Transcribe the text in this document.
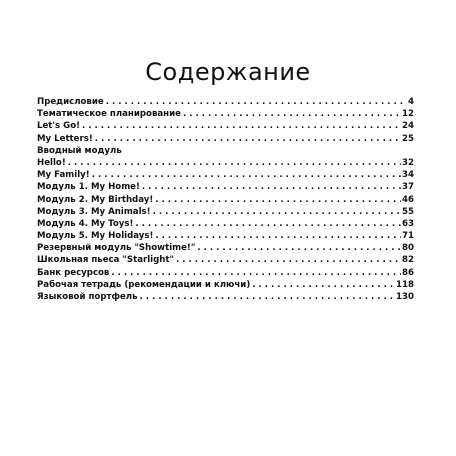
Содержание
Предисловие . . .	4
Тематическое планирование . . .	12
Let's Go! . . .	24
My Letters! . . .	25
Вводный модуль
Hello! . . .	32
My Family! . . .	34
Модуль 1. My Home! . . .	37
Модуль 2. My Birthday! . . .	46
Модуль 3. My Animals! . . .	55
Модуль 4. My Toys! . . .	63
Модуль 5. My Holidays! . . .	71
Резервный модуль "Showtime!" . . .	80
Школьная пьеса "Starlight" . . .	82
Банк ресурсов . . .	86
Рабочая тетрадь (рекомендации и ключи) . . .	118
Языковой портфель . . .	130
